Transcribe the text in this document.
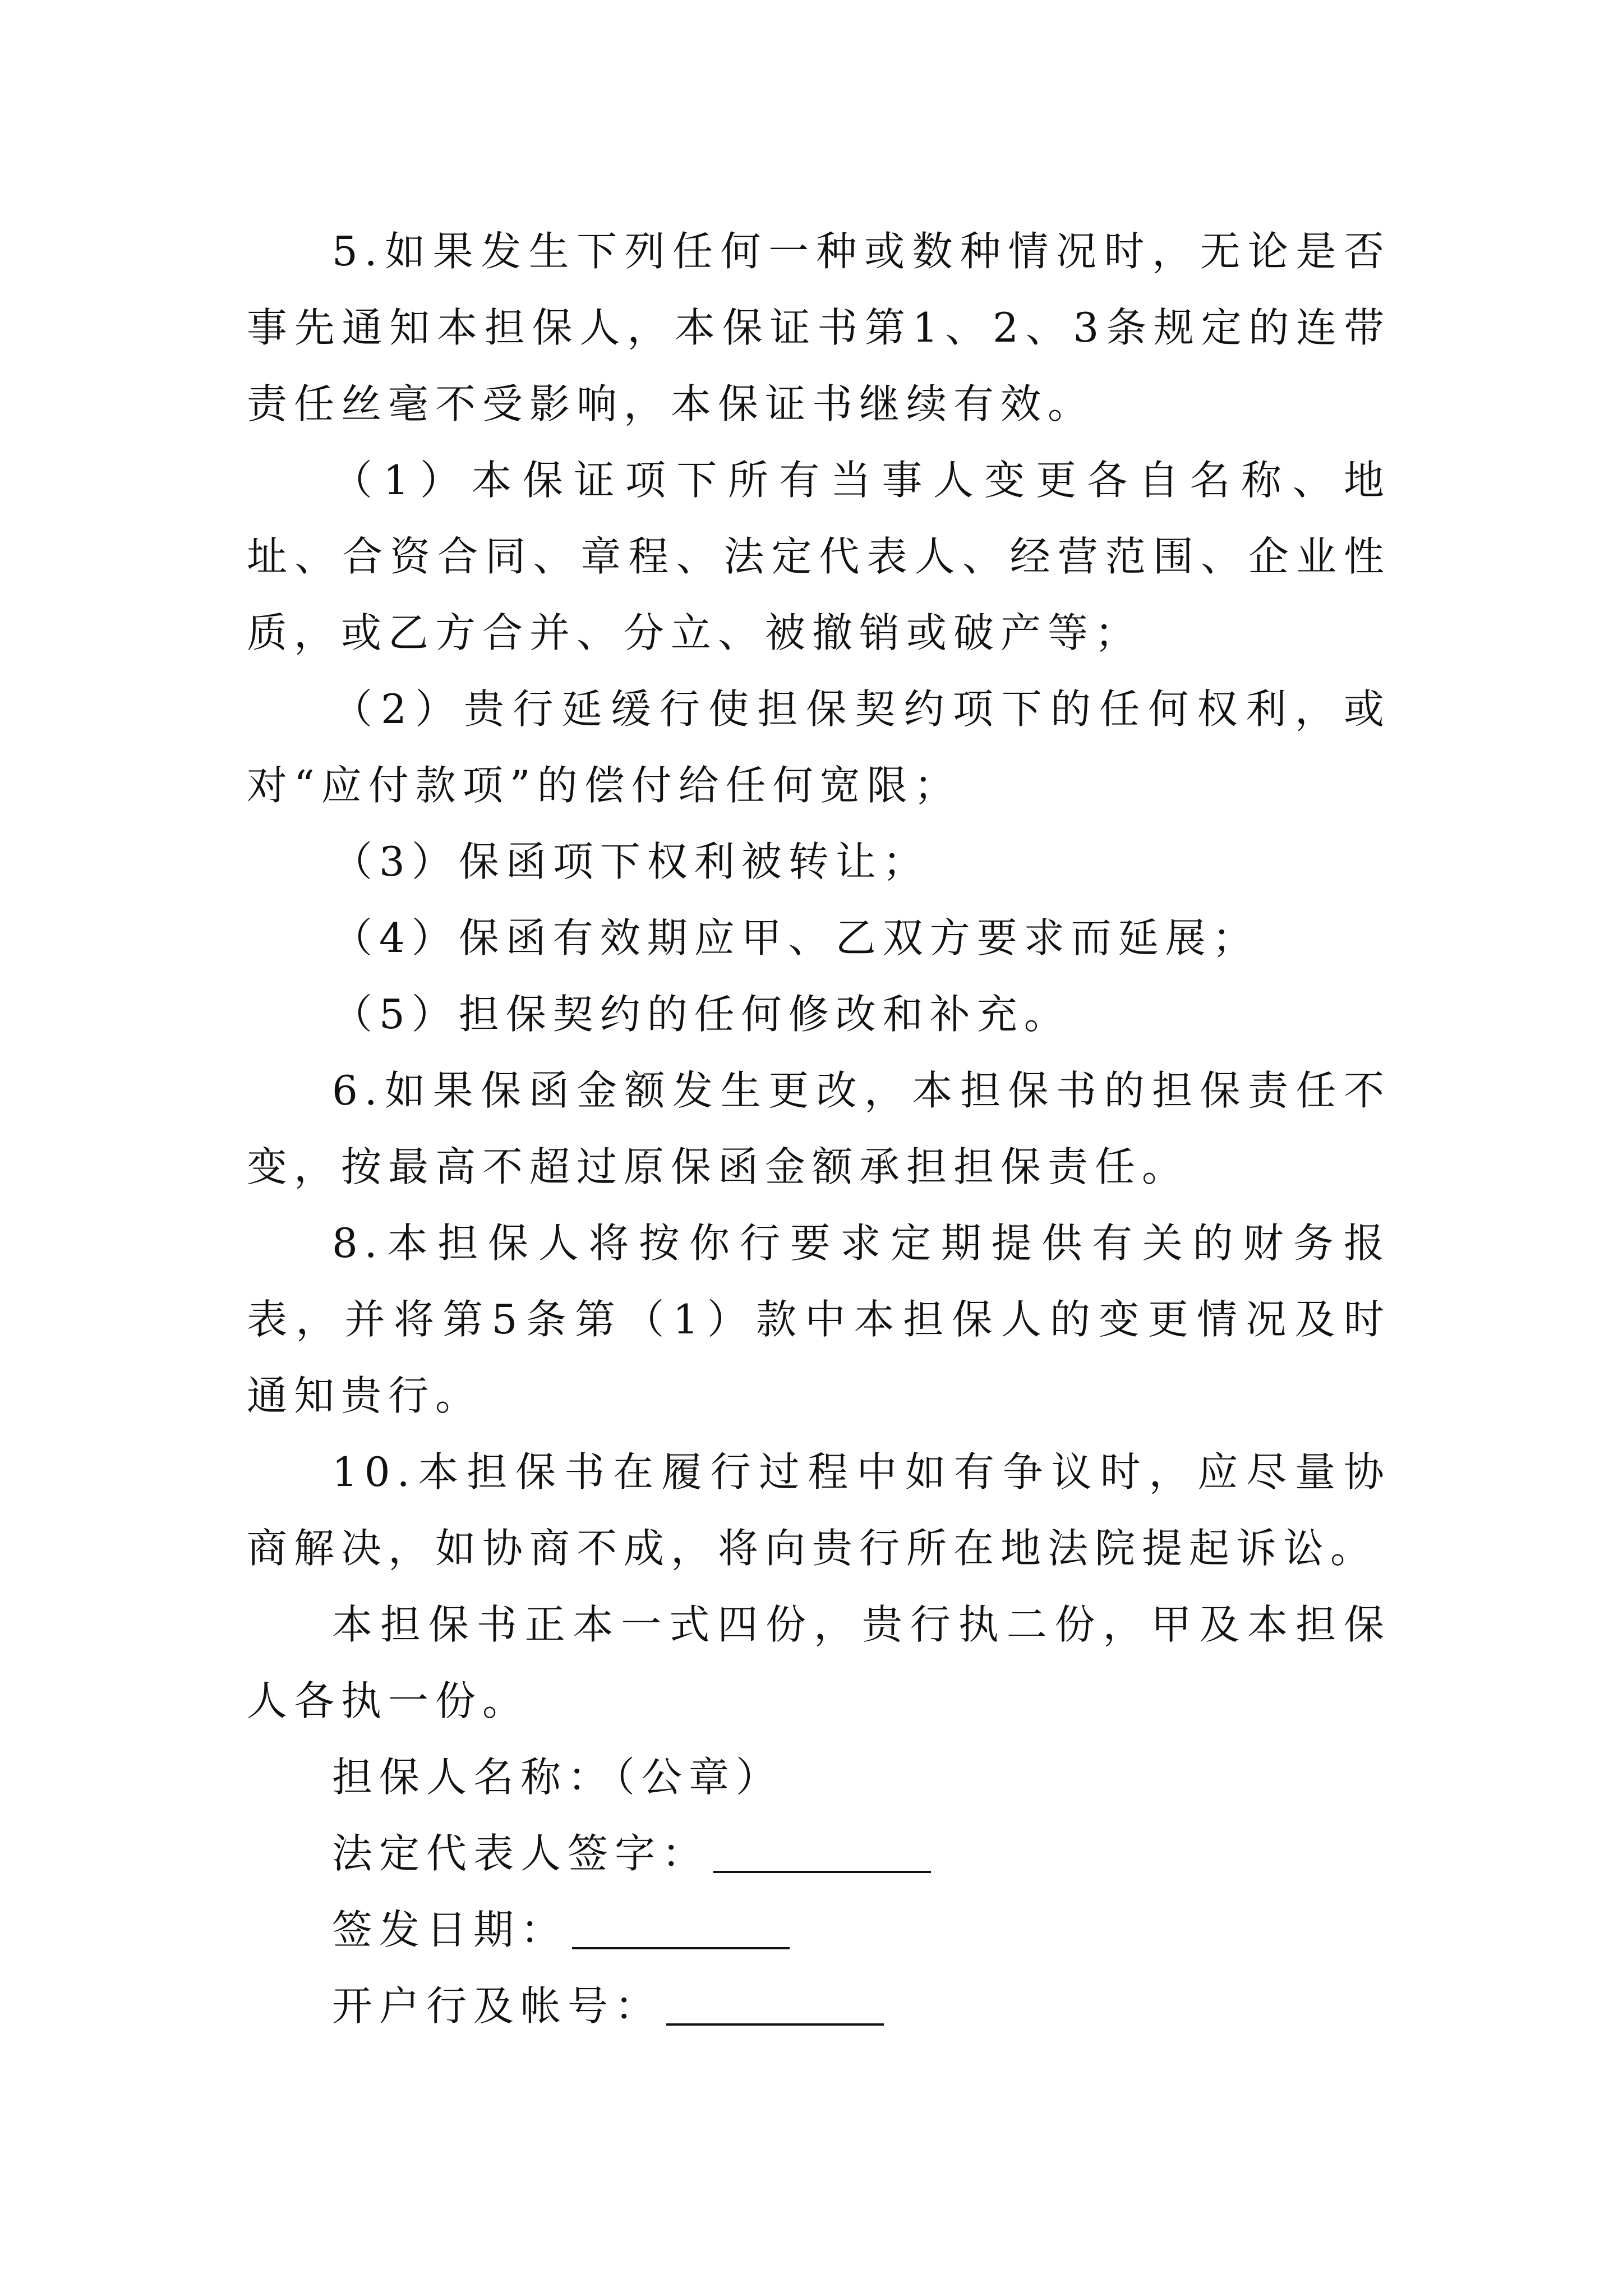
5.如果发生下列任何一种或数种情况时，无论是否事先通知本担保人，本保证书第1、2、3条规定的连带责任丝毫不受影响，本保证书继续有效。

（1）本保证项下所有当事人变更各自名称、地址、合资合同、章程、法定代表人、经营范围、企业性质，或乙方合并、分立、被撤销或破产等；

（2）贵行延缓行使担保契约项下的任何权利，或对“应付款项”的偿付给任何宽限；

（3）保函项下权利被转让；

（4）保函有效期应甲、乙双方要求而延展；

（5）担保契约的任何修改和补充。

6.如果保函金额发生更改，本担保书的担保责任不变，按最高不超过原保函金额承担担保责任。

8.本担保人将按你行要求定期提供有关的财务报表，并将第5条第（1）款中本担保人的变更情况及时通知贵行。

10.本担保书在履行过程中如有争议时，应尽量协商解决，如协商不成，将向贵行所在地法院提起诉讼。

本担保书正本一式四份，贵行执二份，甲及本担保人各执一份。

担保人名称：（公章）

法定代表人签字：

签发日期：

开户行及帐号：
